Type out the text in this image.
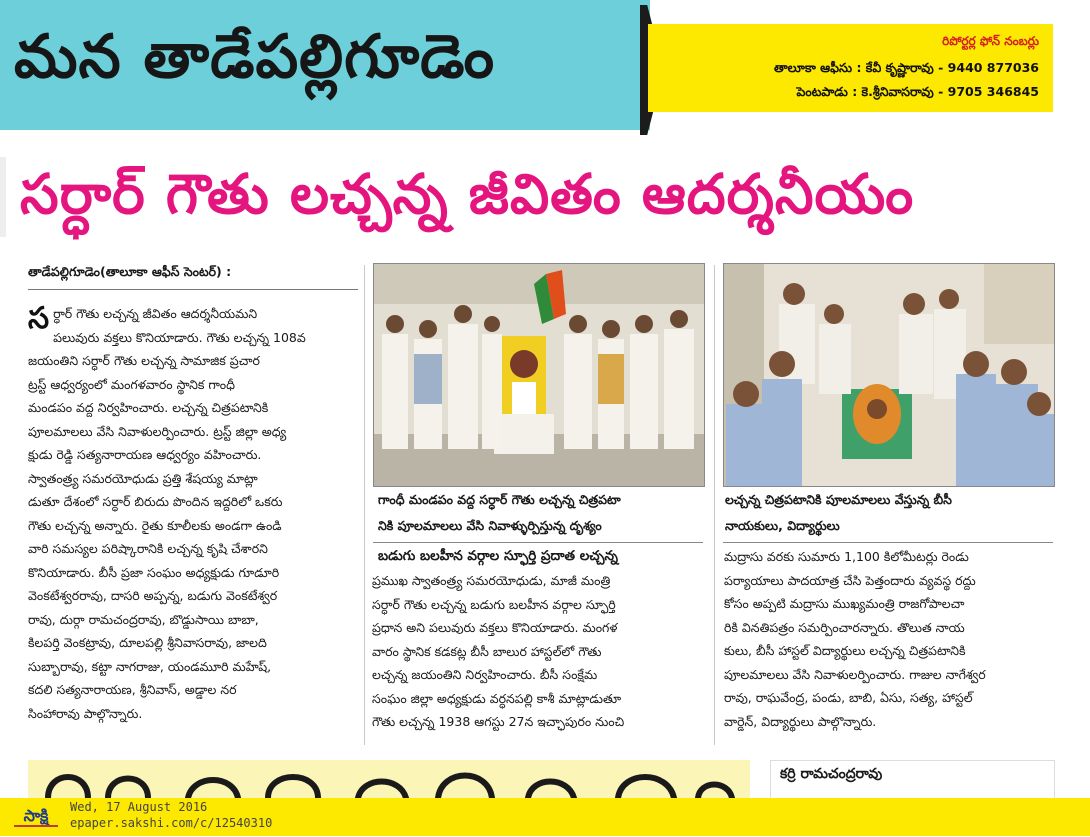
మన తాడేపల్లిగూడెం	రిపోర్టర్ల ఫోన్ నంబర్లు
తాలూకా ఆఫీసు : కేవీ కృష్ణారావు - 9440 877036
పెంటపాడు : కె.శ్రీనివాసరావు - 9705 346845
సర్ధార్ గౌతు లచ్చన్న జీవితం ఆదర్శనీయం
తాడేపల్లిగూడెం(తాలూకా ఆఫీస్ సెంటర్) :
స ర్ధార్ గౌతు లచ్చన్న జీవితం ఆదర్శనీయమని
పలువురు వక్తలు కొనియాడారు. గౌతు లచ్చన్న 108వ
జయంతిని సర్ధార్ గౌతు లచ్చన్న సామాజిక ప్రచార
ట్రస్ట్ ఆధ్వర్యంలో మంగళవారం స్థానిక గాంధీ
మండపం వద్ద నిర్వహించారు. లచ్చన్న చిత్రపటానికి
పూలమాలలు వేసి నివాళులర్పించారు. ట్రస్ట్ జిల్లా అధ్య
క్షుడు రెడ్డి సత్యనారాయణ ఆధ్వర్యం వహించారు.
స్వాతంత్ర్య సమరయోధుడు ప్రత్తి శేషయ్య మాట్లా
డుతూ దేశంలో సర్ధార్ బిరుదు పొందిన ఇద్దరిలో ఒకరు
గౌతు లచ్చన్న అన్నారు. రైతు కూలీలకు అండగా ఉండి
వారి సమస్యల పరిష్కారానికి లచ్చన్న కృషి చేశారని
కొనియాడారు. బీసీ ప్రజా సంఘం అధ్యక్షుడు గూడూరి
వెంకటేశ్వరరావు, దాసరి అప్పన్న, బడుగు వెంకటేశ్వర
రావు, దుర్గా రామచంద్రరావు, బొడ్డుసాయి బాబా,
కిలపర్తి వెంకట్రావు, దూలపల్లి శ్రీనివాసరావు, జాలది
సుబ్బారావు, కట్టా నాగరాజు, యండమూరి మహేష్,
కదలి సత్యనారాయణ, శ్రీనివాస్, అడ్డాల నర
సింహారావు పాల్గొన్నారు.
గాంధీ మండపం వద్ద సర్ధార్ గౌతు లచ్చన్న చిత్రపటా
నికి పూలమాలలు వేసి నివాళ్ళుర్పిస్తున్న దృశ్యం
లచ్చన్న చిత్రపటానికి పూలమాలలు వేస్తున్న బీసీ
నాయకులు, విద్యార్థులు
బడుగు బలహీన వర్గాల స్ఫూర్తి ప్రదాత లచ్చన్న
ప్రముఖ స్వాతంత్ర్య సమరయోధుడు, మాజీ మంత్రి
సర్ధార్ గౌతు లచ్చన్న బడుగు బలహీన వర్గాల స్ఫూర్తి
ప్రధాన అని పలువురు వక్తలు కొనియాడారు. మంగళ
వారం స్థానిక కడకట్ల బీసీ బాలుర హాస్టల్‌లో గౌతు
లచ్చన్న జయంతిని నిర్వహించారు. బీసీ సంక్షేమ
సంఘం జిల్లా అధ్యక్షుడు వర్ధనపల్లి కాశీ మాట్లాడుతూ
గౌతు లచ్చన్న 1938 ఆగస్టు 27న ఇచ్ఛాపురం నుంచి
మద్రాసు వరకు సుమారు 1,100 కిలోమీటర్లు రెండు
పర్యాయాలు పాదయాత్ర చేసి పెత్తందారు వ్యవస్థ రద్దు
కోసం అప్పటి మద్రాసు ముఖ్యమంత్రి రాజగోపాలచా
రికి వినతిపత్రం సమర్పించారన్నారు. తొలుత నాయ
కులు, బీసీ హాస్టల్ విద్యార్థులు లచ్చన్న చిత్రపటానికి
పూలమాలలు వేసి నివాళులర్పించారు. గాజుల నాగేశ్వర
రావు, రాఘవేంద్ర, పండు, బాబి, ఏసు, సత్య, హాస్టల్
వార్డెన్, విద్యార్థులు పాల్గొన్నారు.
కర్రి రామచంద్రరావు
సాక్షి Wed, 17 August 2016
epaper.sakshi.com/c/12540310
